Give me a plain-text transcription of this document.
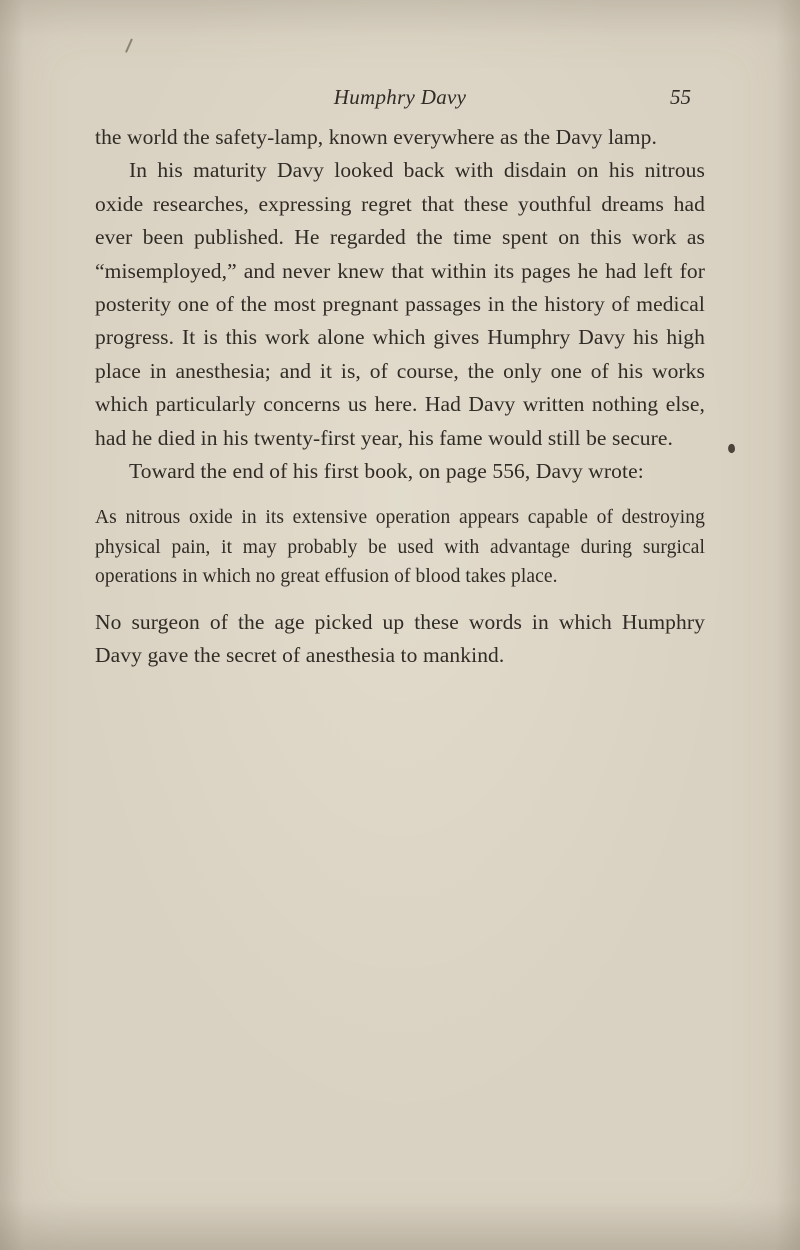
Humphry Davy	55

the world the safety-lamp, known everywhere as the Davy lamp.

In his maturity Davy looked back with disdain on his nitrous oxide researches, expressing regret that these youthful dreams had ever been published. He regarded the time spent on this work as “misemployed,” and never knew that within its pages he had left for posterity one of the most pregnant passages in the history of medical progress. It is this work alone which gives Humphry Davy his high place in anesthesia; and it is, of course, the only one of his works which particularly concerns us here. Had Davy written nothing else, had he died in his twenty-first year, his fame would still be secure.

Toward the end of his first book, on page 556, Davy wrote:

As nitrous oxide in its extensive operation appears capable of destroying physical pain, it may probably be used with advantage during surgical operations in which no great effusion of blood takes place.

No surgeon of the age picked up these words in which Humphry Davy gave the secret of anesthesia to mankind.
